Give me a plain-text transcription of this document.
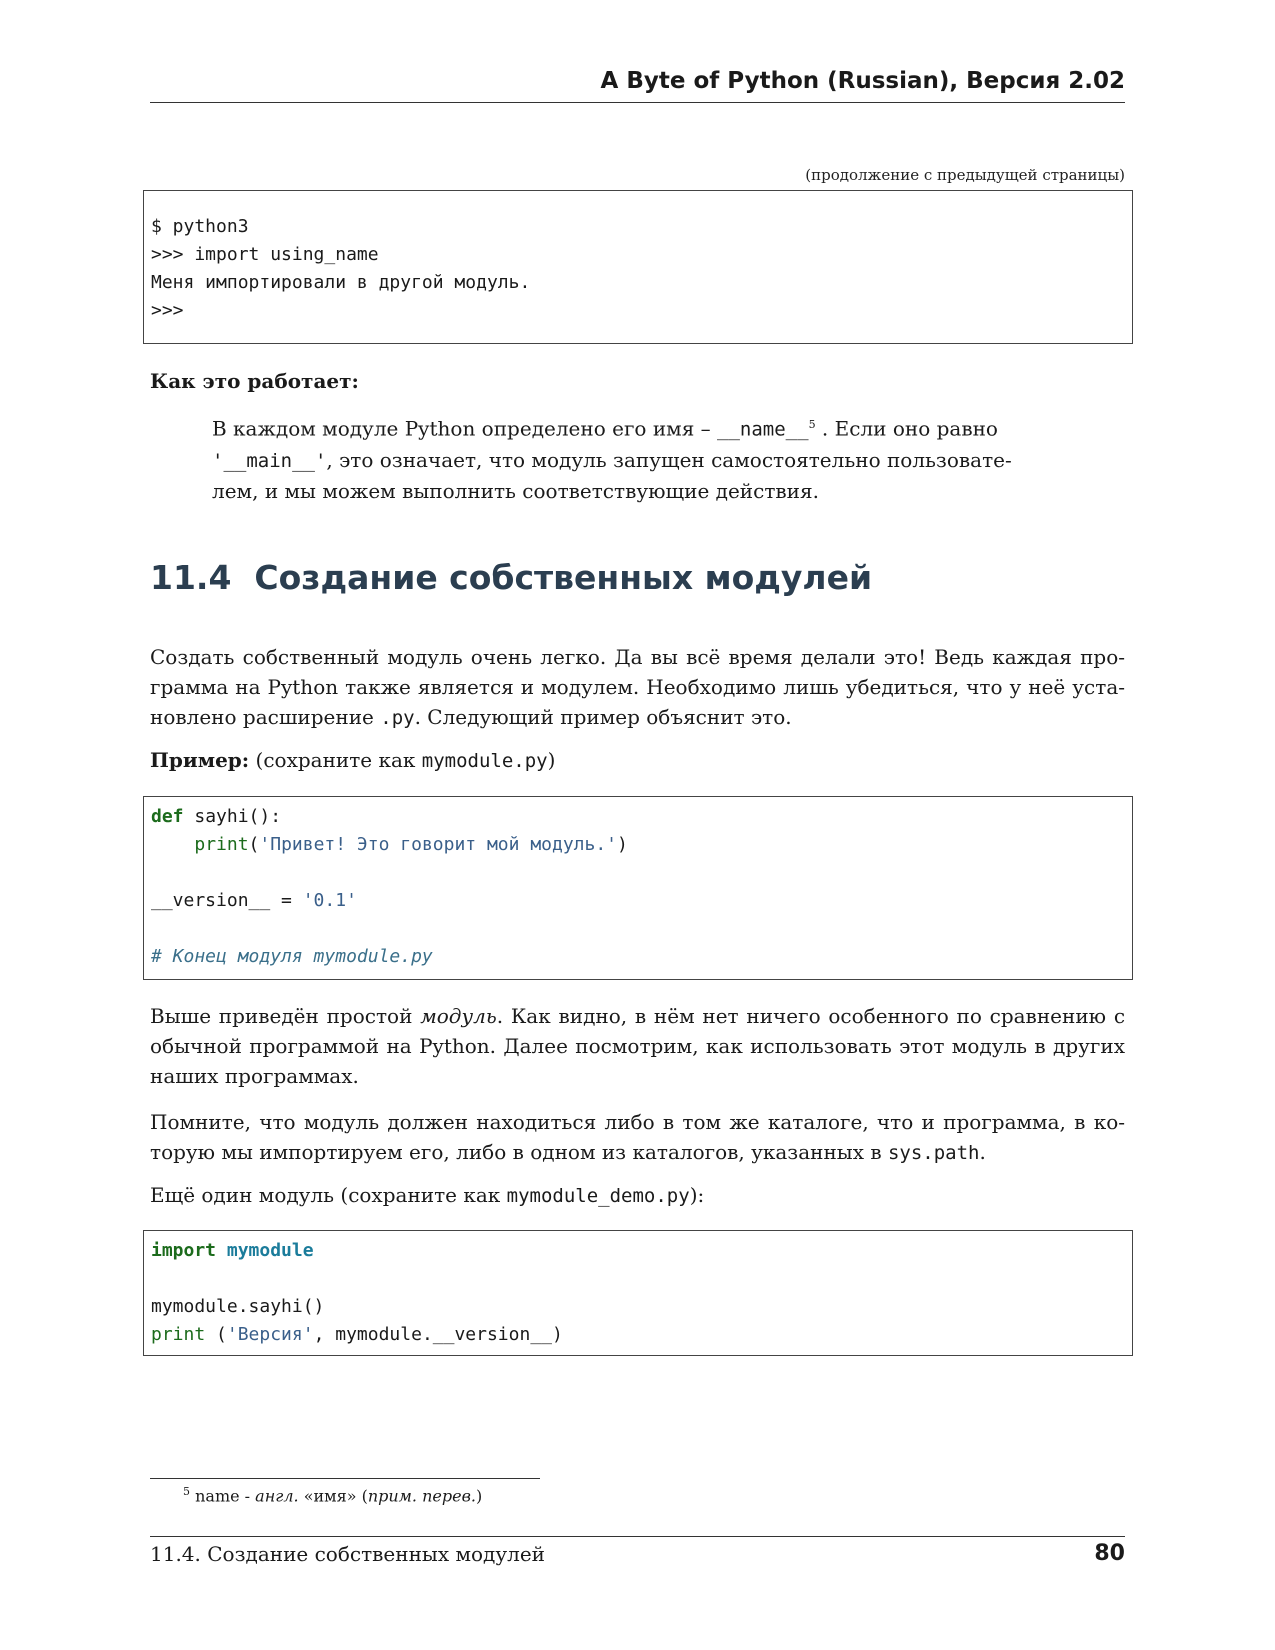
A Byte of Python (Russian), Версия 2.02
(продолжение с предыдущей страницы)
$ python3
>>> import using_name
Меня импортировали в другой модуль.
>>>
Как это работает:
В каждом модуле Python определено его имя – __name__$^5$ . Если оно равно
'__main__', это означает, что модуль запущен самостоятельно пользовате-
лем, и мы можем выполнить соответствующие действия.
11.4 Создание собственных модулей
Создать собственный модуль очень легко. Да вы всё время делали это! Ведь каждая про-грамма на Python также является и модулем. Необходимо лишь убедиться, что у неё уста-новлено расширение .py. Следующий пример объяснит это.
Пример: (сохраните как mymodule.py)
def sayhi():
print('Привет! Это говорит мой модуль.')
__version__ = '0.1'
# Конец модуля mymodule.py
Выше приведён простой модуль. Как видно, в нём нет ничего особенного по сравнению с обычной программой на Python. Далее посмотрим, как использовать этот модуль в других наших программах.
Помните, что модуль должен находиться либо в том же каталоге, что и программа, в ко-торую мы импортируем его, либо в одном из каталогов, указанных в sys.path.
Ещё один модуль (сохраните как mymodule_demo.py):
import mymodule
mymodule.sayhi()
print ('Версия', mymodule.__version__)
$^5$ name - англ. «имя» (прим. перев.)
11.4. Создание собственных модулей	80
